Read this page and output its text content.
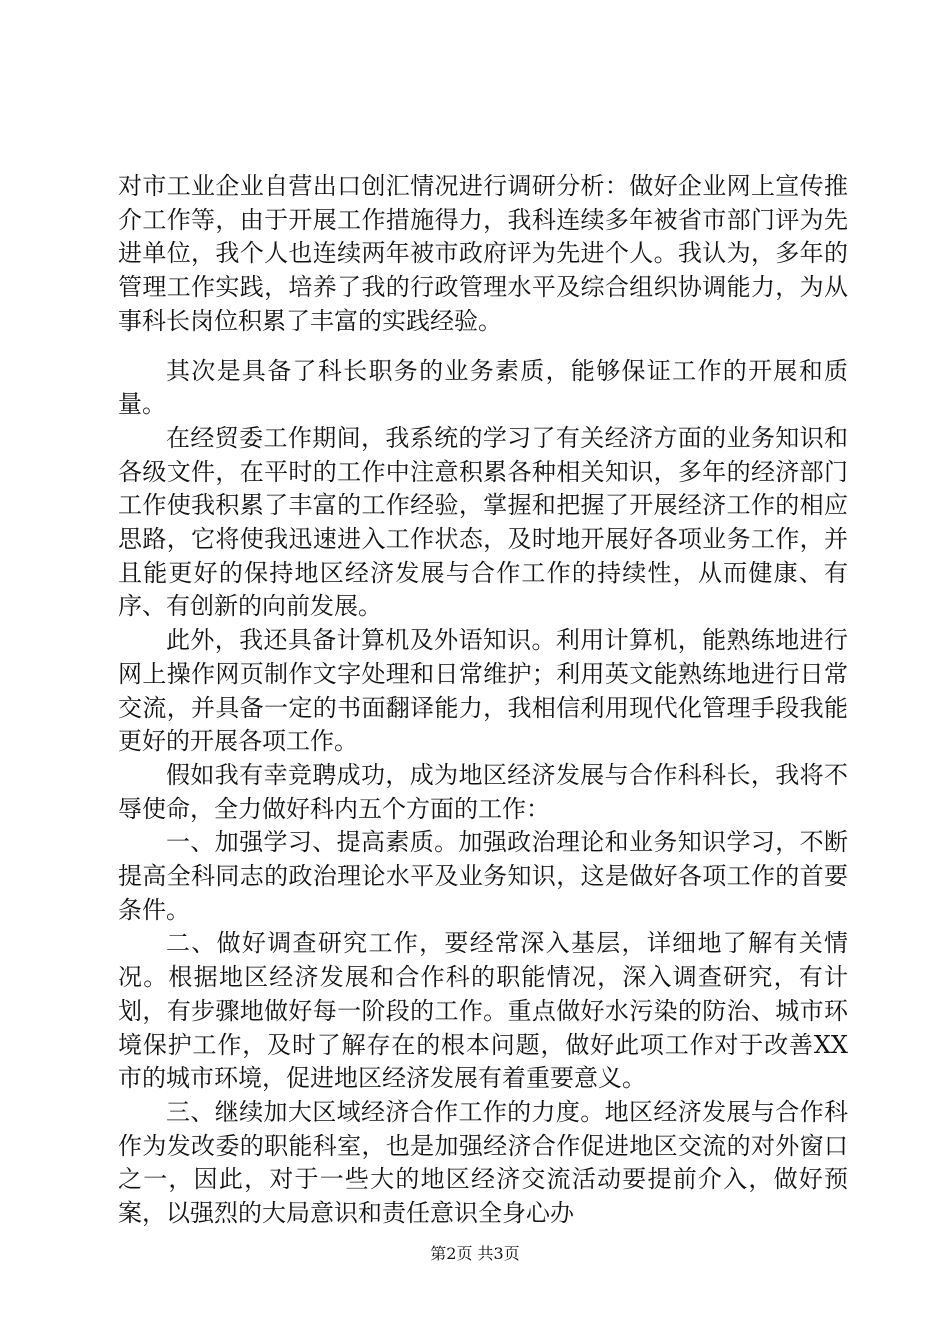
对市工业企业自营出口创汇情况进行调研分析：做好企业网上宣传推介工作等，由于开展工作措施得力，我科连续多年被省市部门评为先进单位，我个人也连续两年被市政府评为先进个人。我认为，多年的管理工作实践，培养了我的行政管理水平及综合组织协调能力，为从事科长岗位积累了丰富的实践经验。

其次是具备了科长职务的业务素质，能够保证工作的开展和质量。

在经贸委工作期间，我系统的学习了有关经济方面的业务知识和各级文件，在平时的工作中注意积累各种相关知识，多年的经济部门工作使我积累了丰富的工作经验，掌握和把握了开展经济工作的相应思路，它将使我迅速进入工作状态，及时地开展好各项业务工作，并且能更好的保持地区经济发展与合作工作的持续性，从而健康、有序、有创新的向前发展。

此外，我还具备计算机及外语知识。利用计算机，能熟练地进行网上操作网页制作文字处理和日常维护；利用英文能熟练地进行日常交流，并具备一定的书面翻译能力，我相信利用现代化管理手段我能更好的开展各项工作。

假如我有幸竞聘成功，成为地区经济发展与合作科科长，我将不辱使命，全力做好科内五个方面的工作：

一、加强学习、提高素质。加强政治理论和业务知识学习，不断提高全科同志的政治理论水平及业务知识，这是做好各项工作的首要条件。

二、做好调查研究工作，要经常深入基层，详细地了解有关情况。根据地区经济发展和合作科的职能情况，深入调查研究，有计划，有步骤地做好每一阶段的工作。重点做好水污染的防治、城市环境保护工作，及时了解存在的根本问题，做好此项工作对于改善XX市的城市环境，促进地区经济发展有着重要意义。

三、继续加大区域经济合作工作的力度。地区经济发展与合作科作为发改委的职能科室，也是加强经济合作促进地区交流的对外窗口之一，因此，对于一些大的地区经济交流活动要提前介入，做好预案，以强烈的大局意识和责任意识全身心办

第2页 共3页
